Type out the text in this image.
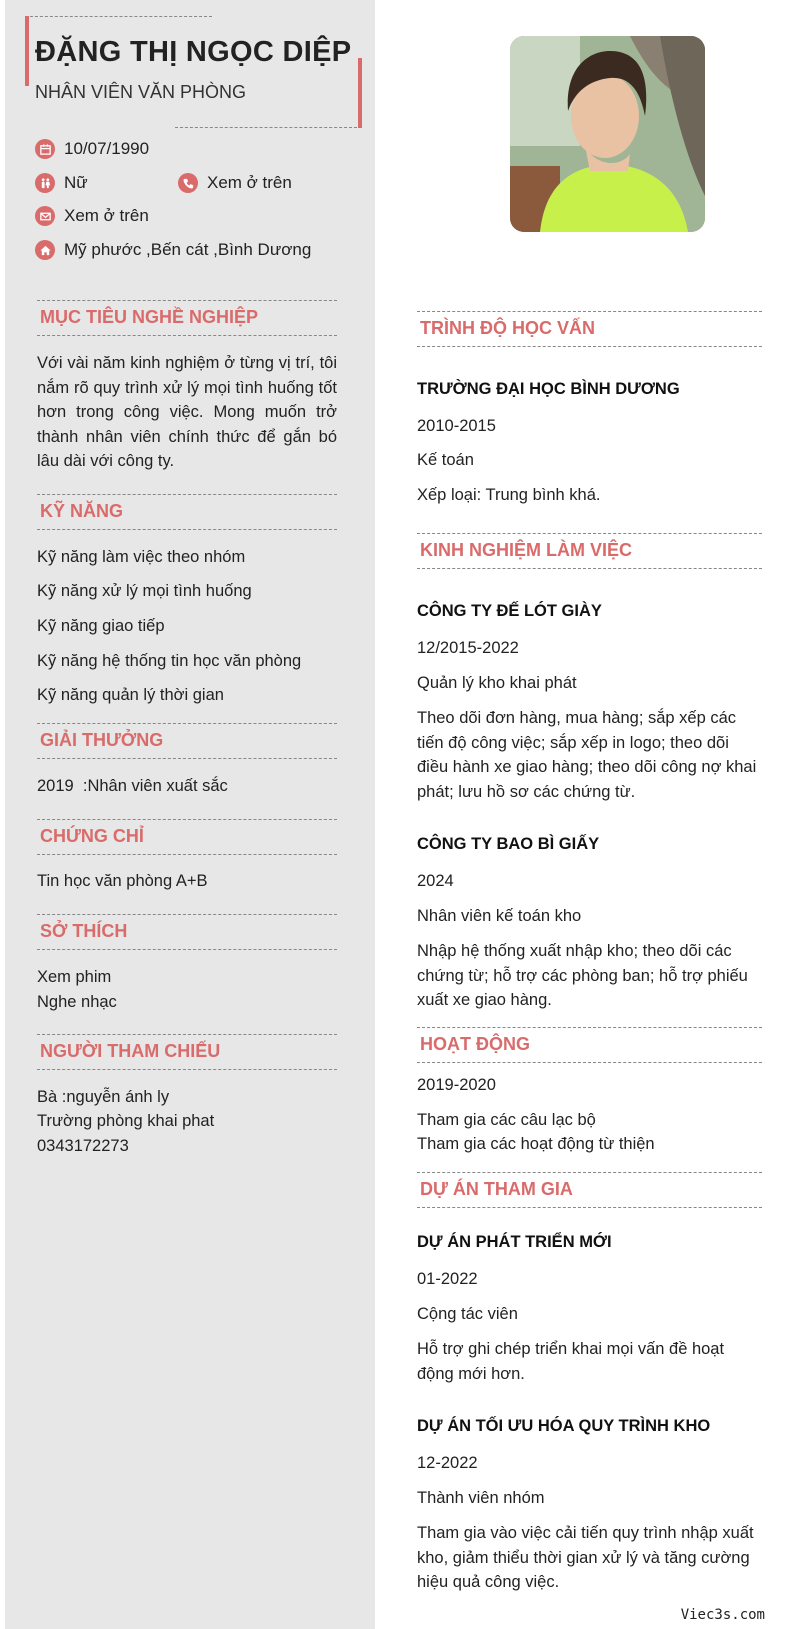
ĐẶNG THỊ NGỌC DIỆP
NHÂN VIÊN VĂN PHÒNG
10/07/1990
Nữ	Xem ở trên
Xem ở trên
Mỹ phước ,Bến cát ,Bình Dương
MỤC TIÊU NGHỀ NGHIỆP
Với vài năm kinh nghiệm ở từng vị trí, tôi nắm rõ quy trình xử lý mọi tình huống tốt hơn trong công việc. Mong muốn trở thành nhân viên chính thức để gắn bó lâu dài với công ty.
KỸ NĂNG
Kỹ năng làm việc theo nhóm
Kỹ năng xử lý mọi tình huống
Kỹ năng giao tiếp
Kỹ năng hệ thống tin học văn phòng
Kỹ năng quản lý thời gian
GIẢI THƯỞNG
2019  :Nhân viên xuất sắc
CHỨNG CHỈ
Tin học văn phòng A+B
SỞ THÍCH
Xem phim
Nghe nhạc
NGƯỜI THAM CHIẾU
Bà :nguyễn ánh ly
Trường phòng khai phat
0343172273
TRÌNH ĐỘ HỌC VẤN
TRƯỜNG ĐẠI HỌC BÌNH DƯƠNG
2010-2015
Kế toán
Xếp loại: Trung bình khá.
KINH NGHIỆM LÀM VIỆC
CÔNG TY ĐẾ LÓT GIÀY
12/2015-2022
Quản lý kho khai phát
Theo dõi đơn hàng, mua hàng; sắp xếp các tiến độ công việc; sắp xếp in logo; theo dõi điều hành xe giao hàng; theo dõi công nợ khai phát; lưu hồ sơ các chứng từ.
CÔNG TY BAO BÌ GIẤY
2024
Nhân viên kế toán kho
Nhập hệ thống xuất nhập kho; theo dõi các chứng từ; hỗ trợ các phòng ban; hỗ trợ phiếu xuất xe giao hàng.
HOẠT ĐỘNG
2019-2020
Tham gia các câu lạc bộ
Tham gia các hoạt động từ thiện
DỰ ÁN THAM GIA
DỰ ÁN PHÁT TRIỂN MỚI
01-2022
Cộng tác viên
Hỗ trợ ghi chép triển khai mọi vấn đề hoạt động mới hơn.
DỰ ÁN TỐI ƯU HÓA QUY TRÌNH KHO
12-2022
Thành viên nhóm
Tham gia vào việc cải tiến quy trình nhập xuất kho, giảm thiểu thời gian xử lý và tăng cường hiệu quả công việc.
Viec3s.com
